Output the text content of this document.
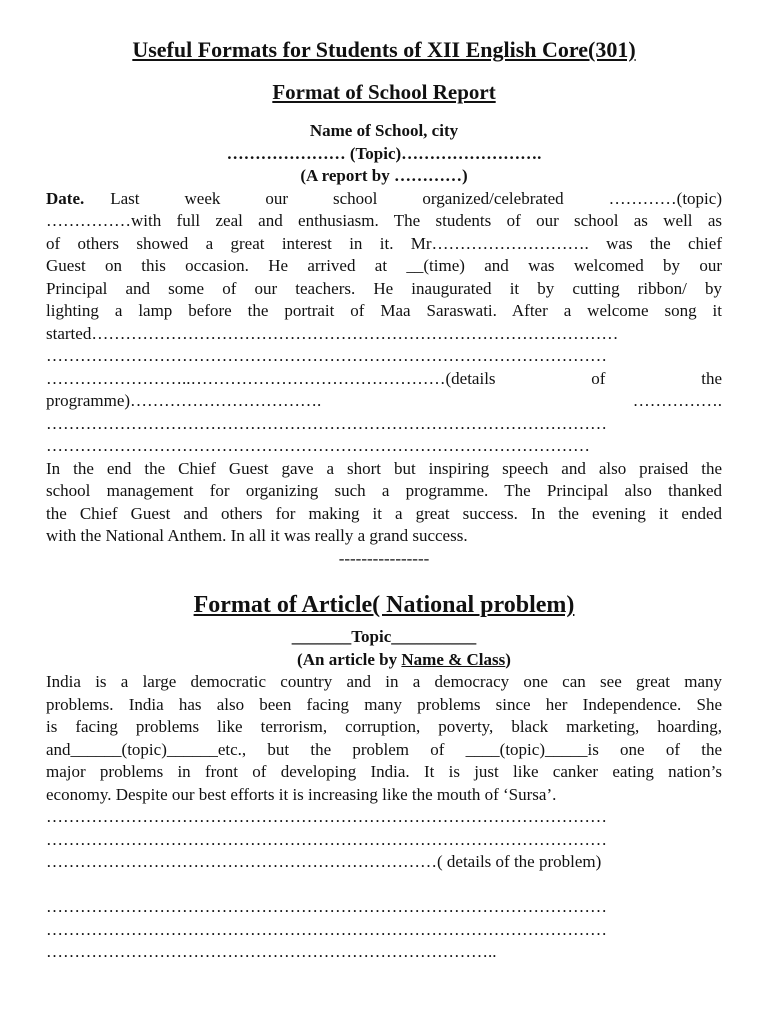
Useful Formats for Students of XII English Core(301)
Format of School Report

Name of School, city

………………… (Topic)…………………….

(A report by …………)

Date.	Last week our school organized/celebrated …………(topic)

……………with full zeal and enthusiasm. The students of our school as well as

of others showed a great interest in it. Mr………………………. was the chief

Guest on this occasion. He arrived at __(time) and was welcomed by our

Principal and some of our teachers. He inaugurated it by cutting ribbon/ by

lighting a lamp before the portrait of Maa Saraswati. After a welcome song it

started…………………………………………………………………………………

………………………………………………………………………………………

……………………..………………………………………(details	of	the
programme)…………………………….	…………….

………………………………………………………………………………………

……………………………………………………………………………………

In the end the Chief Guest gave a short but inspiring speech and also praised the

school management for organizing such a programme. The Principal also thanked

the Chief Guest and others for making it a great success. In the evening it ended

with the National Anthem. In all it was really a grand success.

----------------

Format of Article( National problem)

_______Topic__________

(An article by Name & Class)

India is a large democratic country and in a democracy one can see great many

problems. India has also been facing many problems since her Independence. She

is facing problems like terrorism, corruption, poverty, black marketing, hoarding,

and______(topic)______etc., but the problem of ____(topic)_____is one of the

major problems in front of developing India. It is just like canker eating nation’s

economy. Despite our best efforts it is increasing like the mouth of ‘Sursa’.

………………………………………………………………………………………

………………………………………………………………………………………

……………………………………………………………( details of the problem)

………………………………………………………………………………………

………………………………………………………………………………………

……………………………………………………………………..
